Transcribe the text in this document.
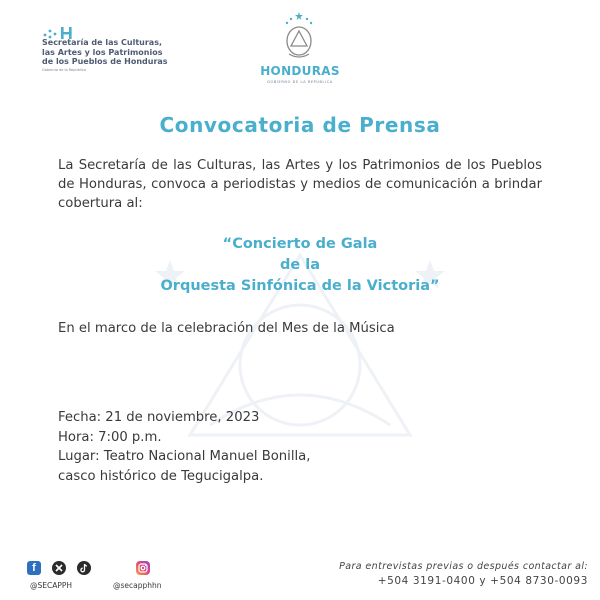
Secretaría de las Culturas,
las Artes y los Patrimonios
de los Pueblos de Honduras
Gobierno de la República	HONDURAS
GOBIERNO DE LA REPÚBLICA
Convocatoria de Prensa
La Secretaría de las Culturas, las Artes y los Patrimonios de los Pueblos de Honduras, convoca a periodistas y medios de comunicación a brindar cobertura al:
“Concierto de Gala
de la
Orquesta Sinfónica de la Victoria”
En el marco de la celebración del Mes de la Música
Fecha: 21 de noviembre, 2023
Hora: 7:00 p.m.
Lugar: Teatro Nacional Manuel Bonilla,
casco histórico de Tegucigalpa.
f
@SECAPPH	@secapphhn
Para entrevistas previas o después contactar al:
+504 3191-0400 y +504 8730-0093
